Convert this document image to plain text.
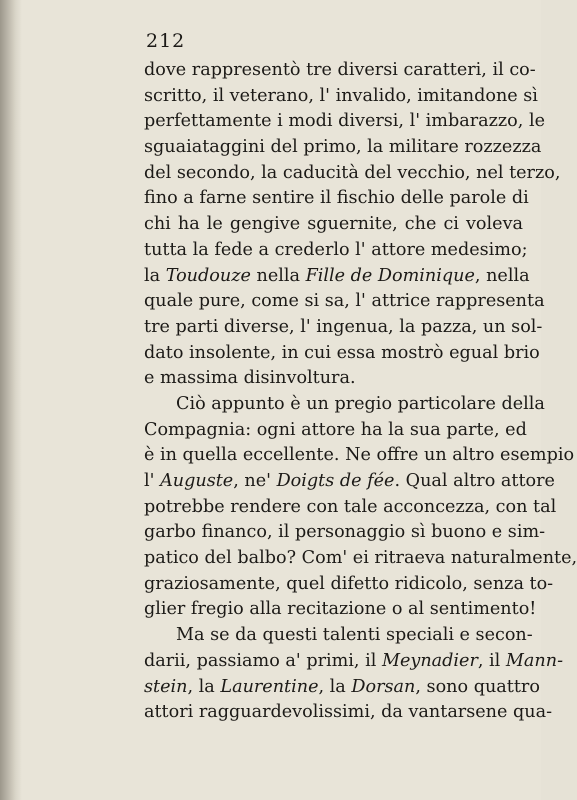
212
dove rappresentò tre diversi caratteri, il co-
scritto, il veterano, l' invalido, imitandone sì
perfettamente i modi diversi, l' imbarazzo, le
sguaiataggini del primo, la militare rozzezza
del secondo, la caducità del vecchio, nel terzo,
fino a farne sentire il fischio delle parole di
chi ha le gengive sguernite, che ci voleva
tutta la fede a crederlo l' attore medesimo;
la Toudouze nella Fille de Dominique, nella
quale pure, come si sa, l' attrice rappresenta
tre parti diverse, l' ingenua, la pazza, un sol-
dato insolente, in cui essa mostrò egual brio
e massima disinvoltura.
Ciò appunto è un pregio particolare della
Compagnia: ogni attore ha la sua parte, ed
è in quella eccellente. Ne offre un altro esempio
l' Auguste, ne' Doigts de fée. Qual altro attore
potrebbe rendere con tale acconcezza, con tal
garbo financo, il personaggio sì buono e sim-
patico del balbo? Com' ei ritraeva naturalmente,
graziosamente, quel difetto ridicolo, senza to-
glier fregio alla recitazione o al sentimento!
Ma se da questi talenti speciali e secon-
darii, passiamo a' primi, il Meynadier, il Mann-
stein, la Laurentine, la Dorsan, sono quattro
attori ragguardevolissimi, da vantarsene qua-
